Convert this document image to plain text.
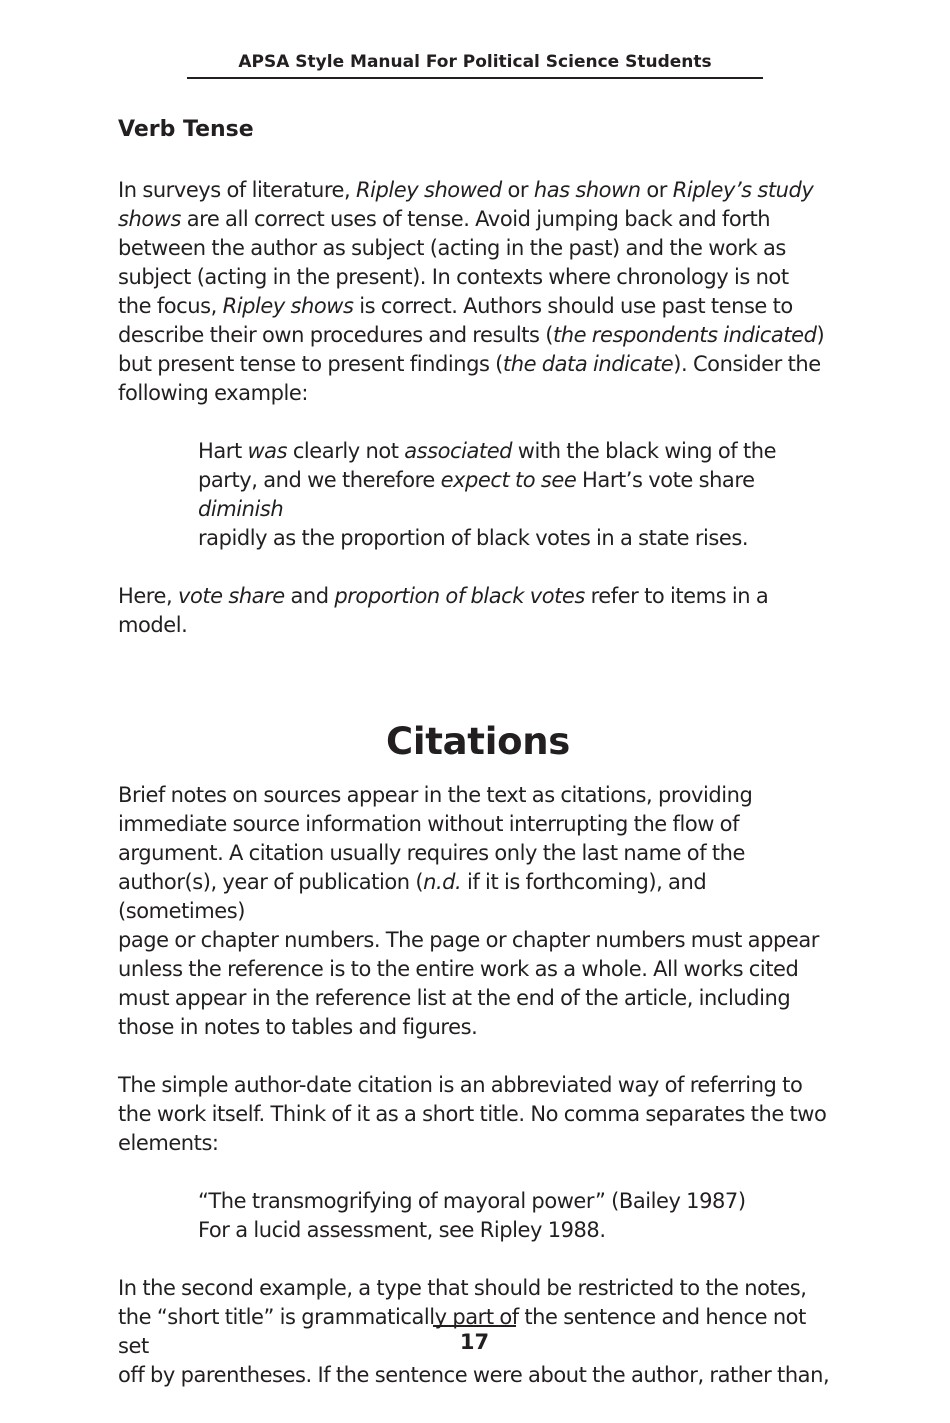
APSA Style Manual For Political Science Students
Verb Tense

In surveys of literature, Ripley showed or has shown or Ripley’s study
shows are all correct uses of tense. Avoid jumping back and forth
between the author as subject (acting in the past) and the work as
subject (acting in the present). In contexts where chronology is not
the focus, Ripley shows is correct. Authors should use past tense to
describe their own procedures and results (the respondents indicated)
but present tense to present findings (the data indicate). Consider the
following example:

Hart was clearly not associated with the black wing of the
party, and we therefore expect to see Hart’s vote share diminish
rapidly as the proportion of black votes in a state rises.

Here, vote share and proportion of black votes refer to items in a model.

Citations

Brief notes on sources appear in the text as citations, providing
immediate source information without interrupting the flow of
argument. A citation usually requires only the last name of the
author(s), year of publication (n.d. if it is forthcoming), and (sometimes)
page or chapter numbers. The page or chapter numbers must appear
unless the reference is to the entire work as a whole. All works cited
must appear in the reference list at the end of the article, including
those in notes to tables and figures.

The simple author-date citation is an abbreviated way of referring to
the work itself. Think of it as a short title. No comma separates the two
elements:

“The transmogrifying of mayoral power” (Bailey 1987)
For a lucid assessment, see Ripley 1988.

In the second example, a type that should be restricted to the notes,
the “short title” is grammatically part of the sentence and hence not set
off by parentheses. If the sentence were about the author, rather than,

17
